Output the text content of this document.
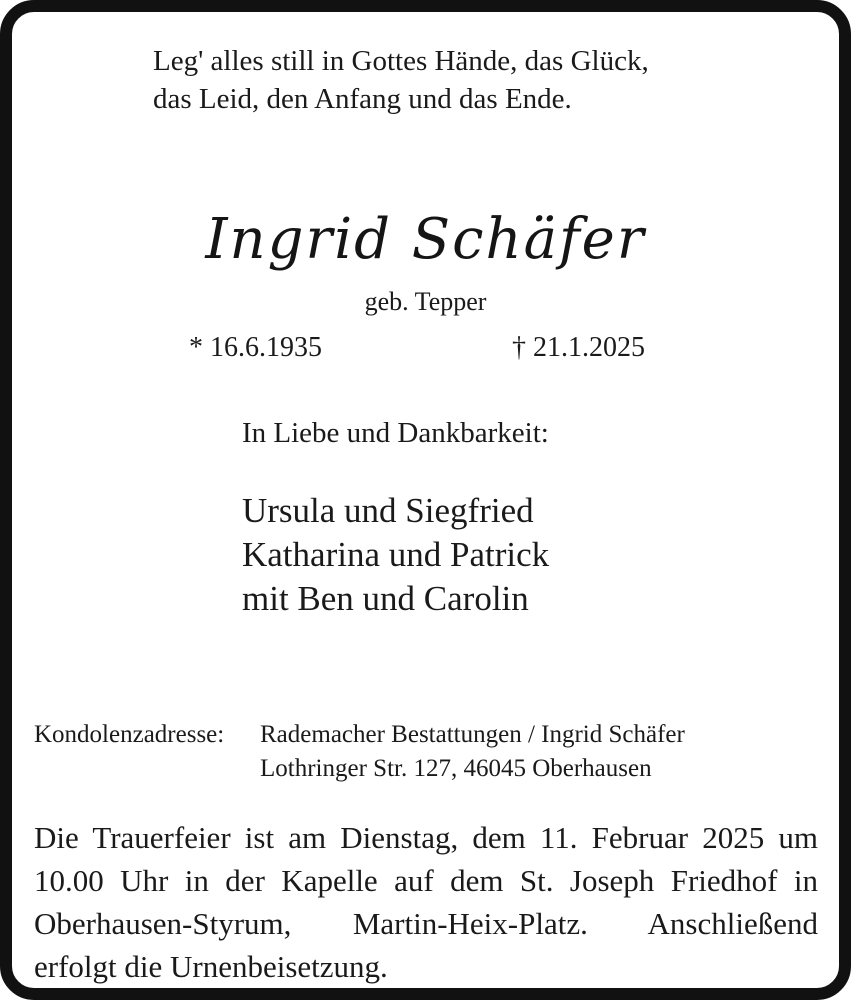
Leg' alles still in Gottes Hände, das Glück,
das Leid, den Anfang und das Ende.
Ingrid Schäfer
geb. Tepper
* 16.6.1935	† 21.1.2025
In Liebe und Dankbarkeit:
Ursula und Siegfried
Katharina und Patrick
mit Ben und Carolin
Kondolenzadresse:	Rademacher Bestattungen / Ingrid Schäfer
Lothringer Str. 127, 46045 Oberhausen
Die Trauerfeier ist am Dienstag, dem 11. Februar 2025 um
10.00 Uhr in der Kapelle auf dem St. Joseph Friedhof in
Oberhausen-Styrum, Martin-Heix-Platz. Anschließend
erfolgt die Urnenbeisetzung.
